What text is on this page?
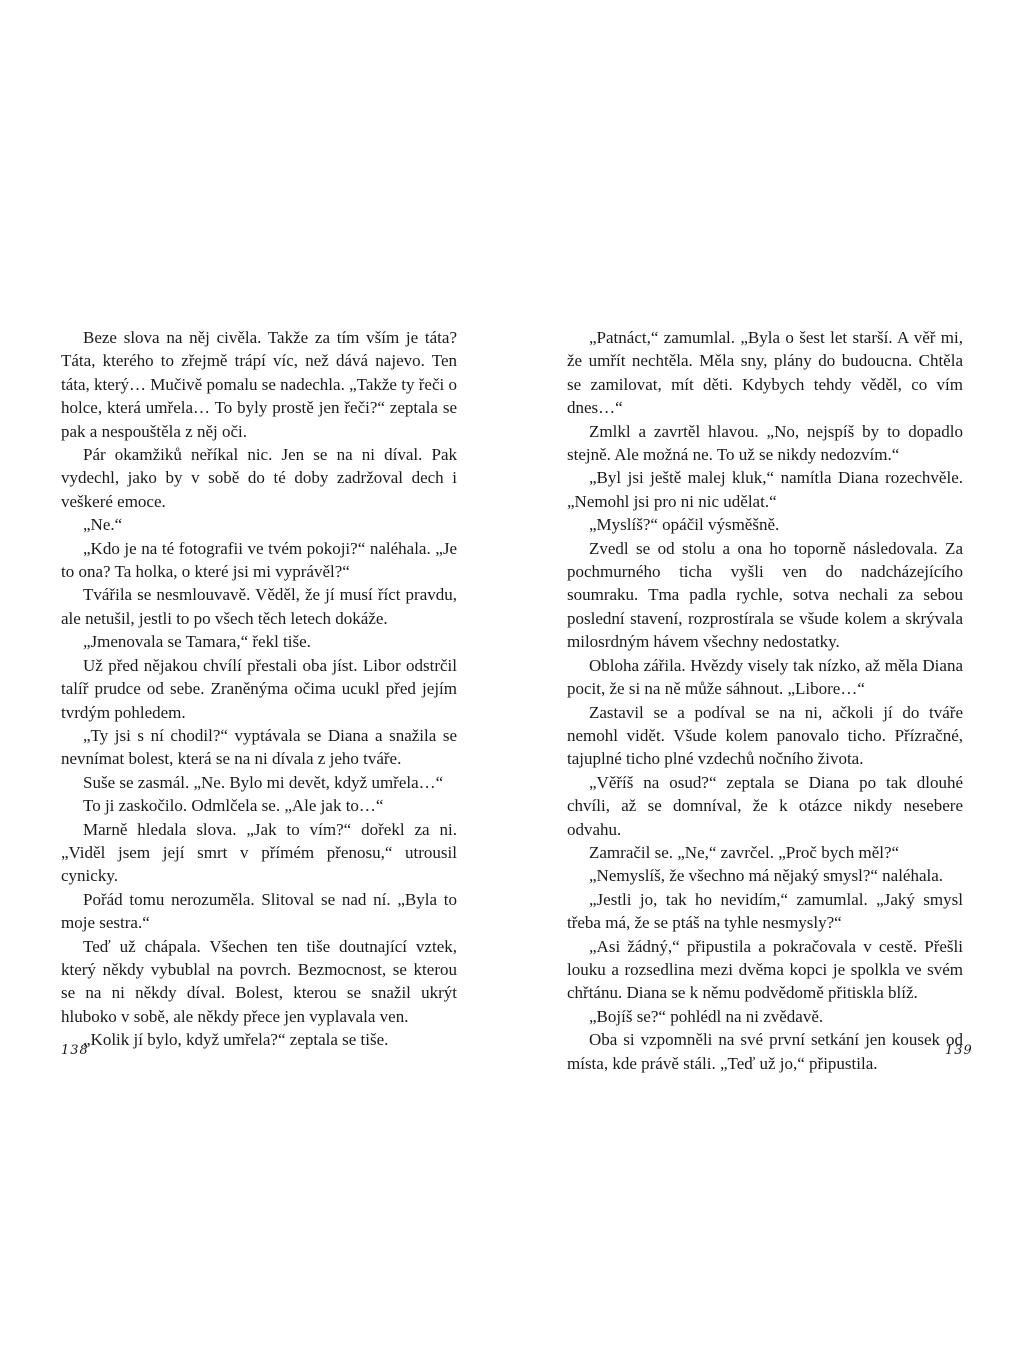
Beze slova na něj civěla. Takže za tím vším je táta? Táta, kterého to zřejmě trápí víc, než dává najevo. Ten táta, který… Mučivě pomalu se nadechla. „Takže ty řeči o holce, která umřela… To byly prostě jen řeči?“ zeptala se pak a nespouštěla z něj oči.

Pár okamžiků neříkal nic. Jen se na ni díval. Pak vydechl, jako by v sobě do té doby zadržoval dech i veškeré emoce.

„Ne.“

„Kdo je na té fotografii ve tvém pokoji?“ naléhala. „Je to ona? Ta holka, o které jsi mi vyprávěl?“

Tvářila se nesmlouvavě. Věděl, že jí musí říct pravdu, ale netušil, jestli to po všech těch letech dokáže.

„Jmenovala se Tamara,“ řekl tiše.

Už před nějakou chvílí přestali oba jíst. Libor odstrčil talíř prudce od sebe. Zraněnýma očima ucukl před jejím tvrdým pohledem.

„Ty jsi s ní chodil?“ vyptávala se Diana a snažila se nevnímat bolest, která se na ni dívala z jeho tváře.

Suše se zasmál. „Ne. Bylo mi devět, když umřela…“

To ji zaskočilo. Odmlčela se. „Ale jak to…“

Marně hledala slova. „Jak to vím?“ dořekl za ni. „Viděl jsem její smrt v přímém přenosu,“ utrousil cynicky.

Pořád tomu nerozuměla. Slitoval se nad ní. „Byla to moje sestra.“

Teď už chápala. Všechen ten tiše doutnající vztek, který někdy vybublal na povrch. Bezmocnost, se kterou se na ni někdy díval. Bolest, kterou se snažil ukrýt hluboko v sobě, ale někdy přece jen vyplavala ven.

„Kolik jí bylo, když umřela?“ zeptala se tiše.

„Patnáct,“ zamumlal. „Byla o šest let starší. A věř mi, že umřít nechtěla. Měla sny, plány do budoucna. Chtěla se zamilovat, mít děti. Kdybych tehdy věděl, co vím dnes…“

Zmlkl a zavrtěl hlavou. „No, nejspíš by to dopadlo stejně. Ale možná ne. To už se nikdy nedozvím.“

„Byl jsi ještě malej kluk,“ namítla Diana rozechvěle. „Nemohl jsi pro ni nic udělat.“

„Myslíš?“ opáčil výsměšně.

Zvedl se od stolu a ona ho toporně následovala. Za pochmurného ticha vyšli ven do nadcházejícího soumraku. Tma padla rychle, sotva nechali za sebou poslední stavení, rozprostírala se všude kolem a skrývala milosrdným hávem všechny nedostatky.

Obloha zářila. Hvězdy visely tak nízko, až měla Diana pocit, že si na ně může sáhnout. „Libore…“

Zastavil se a podíval se na ni, ačkoli jí do tváře nemohl vidět. Všude kolem panovalo ticho. Přízračné, tajuplné ticho plné vzdechů nočního života.

„Věříš na osud?“ zeptala se Diana po tak dlouhé chvíli, až se domníval, že k otázce nikdy nesebere odvahu.

Zamračil se. „Ne,“ zavrčel. „Proč bych měl?“

„Nemyslíš, že všechno má nějaký smysl?“ naléhala.

„Jestli jo, tak ho nevidím,“ zamumlal. „Jaký smysl třeba má, že se ptáš na tyhle nesmysly?“

„Asi žádný,“ připustila a pokračovala v cestě. Přešli louku a rozsedlina mezi dvěma kopci je spolkla ve svém chřtánu. Diana se k němu podvědomě přitiskla blíž.

„Bojíš se?“ pohlédl na ni zvědavě.

Oba si vzpomněli na své první setkání jen kousek od místa, kde právě stáli. „Teď už jo,“ připustila.

138	139
